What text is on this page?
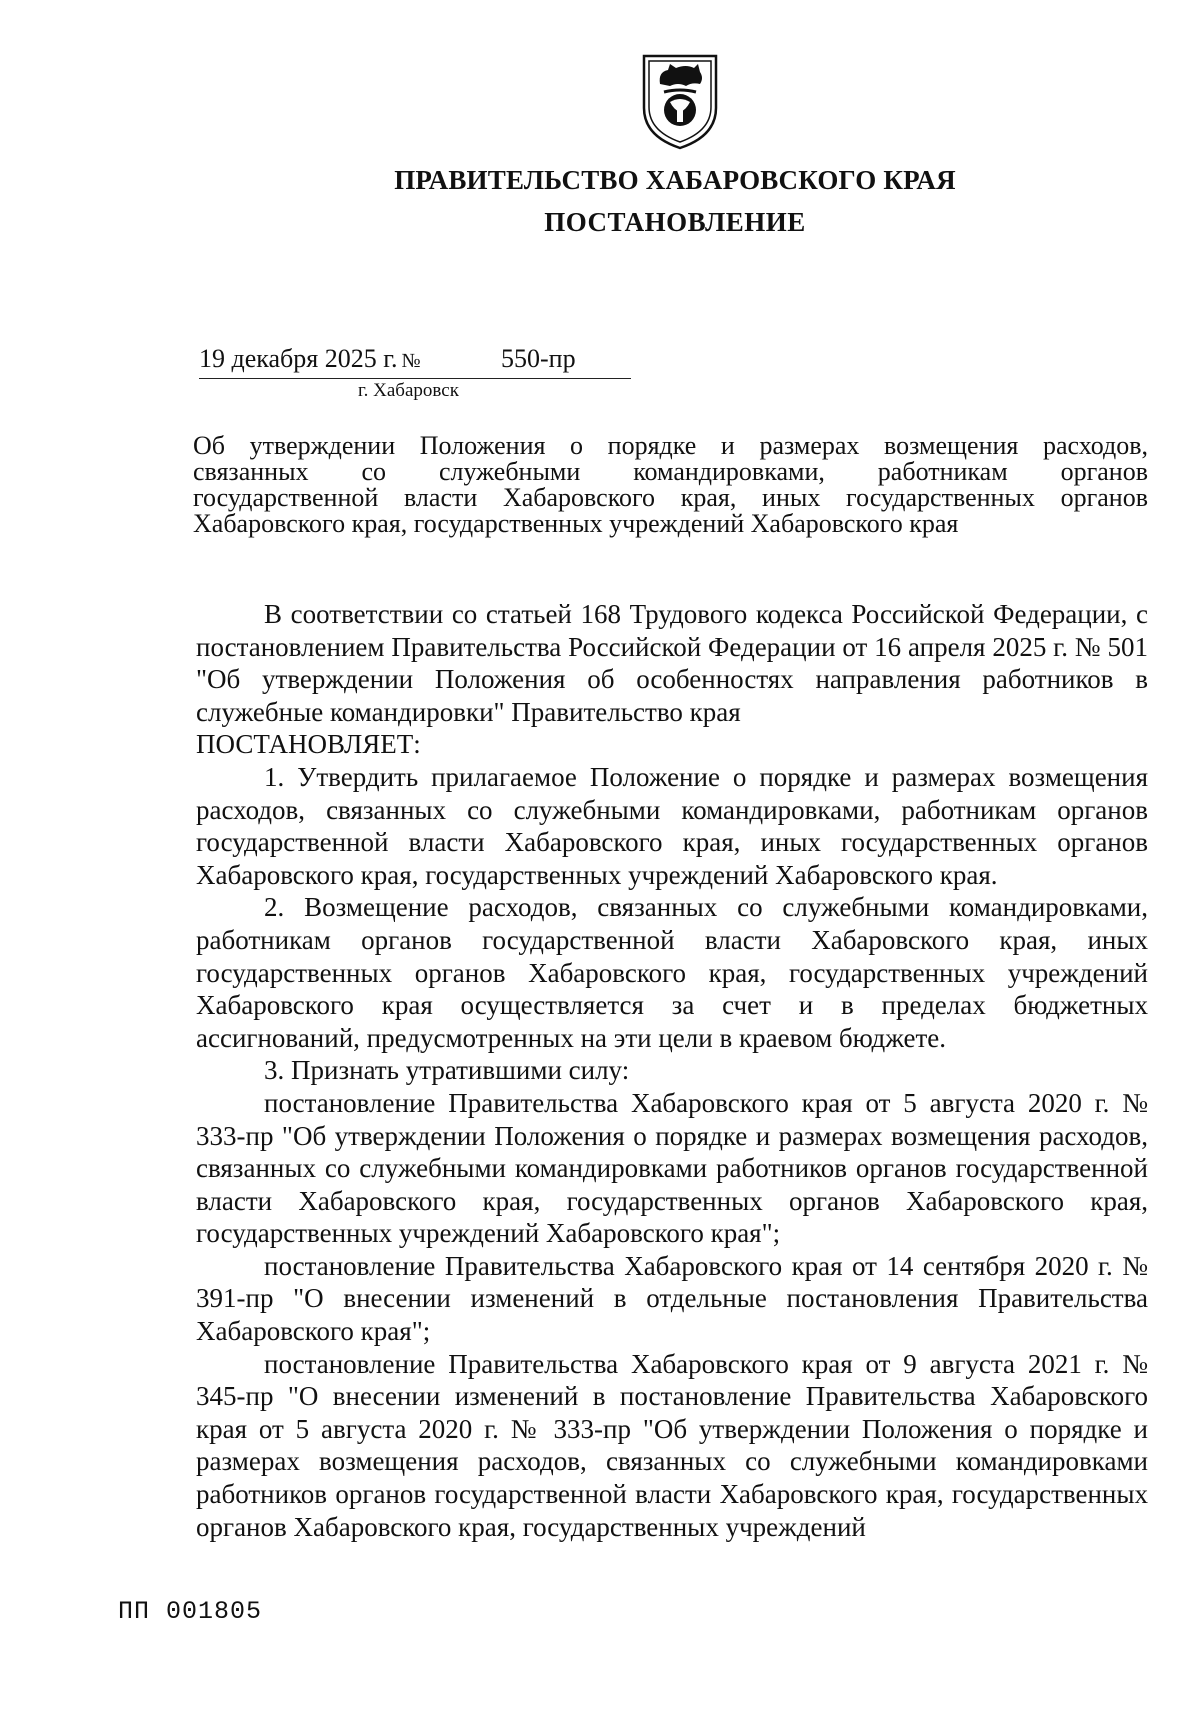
ПРАВИТЕЛЬСТВО ХАБАРОВСКОГО КРАЯ
ПОСТАНОВЛЕНИЕ
19 декабря 2025 г. №	550-пр
г. Хабаровск

Об утверждении Положения о порядке и размерах возмещения расходов,

связанных со служебными командировками, работникам органов

государственной власти Хабаровского края, иных государственных органов

Хабаровского края, государственных учреждений Хабаровского края

В соответствии со статьей 168 Трудового кодекса Российской Федерации, с постановлением Правительства Российской Федерации от 16 апреля 2025 г. № 501 "Об утверждении Положения об особенностях направления работников в служебные командировки" Правительство края

ПОСТАНОВЛЯЕТ:

1. Утвердить прилагаемое Положение о порядке и размерах возмещения расходов, связанных со служебными командировками, работникам органов государственной власти Хабаровского края, иных государственных органов Хабаровского края, государственных учреждений Хабаровского края.

2. Возмещение расходов, связанных со служебными командировками, работникам органов государственной власти Хабаровского края, иных государственных органов Хабаровского края, государственных учреждений Хабаровского края осуществляется за счет и в пределах бюджетных ассигнований, предусмотренных на эти цели в краевом бюджете.

3. Признать утратившими силу:

постановление Правительства Хабаровского края от 5 августа 2020 г. № 333-пр "Об утверждении Положения о порядке и размерах возмещения расходов, связанных со служебными командировками работников органов государственной власти Хабаровского края, государственных органов Хабаровского края, государственных учреждений Хабаровского края";

постановление Правительства Хабаровского края от 14 сентября 2020 г. № 391-пр "О внесении изменений в отдельные постановления Правительства Хабаровского края";

постановление Правительства Хабаровского края от 9 августа 2021 г. № 345-пр "О внесении изменений в постановление Правительства Хабаровского края от 5 августа 2020 г. № 333-пр "Об утверждении Положения о порядке и размерах возмещения расходов, связанных со служебными командировками работников органов государственной власти Хабаровского края, государственных органов Хабаровского края, государственных учреждений

ПП 001805
